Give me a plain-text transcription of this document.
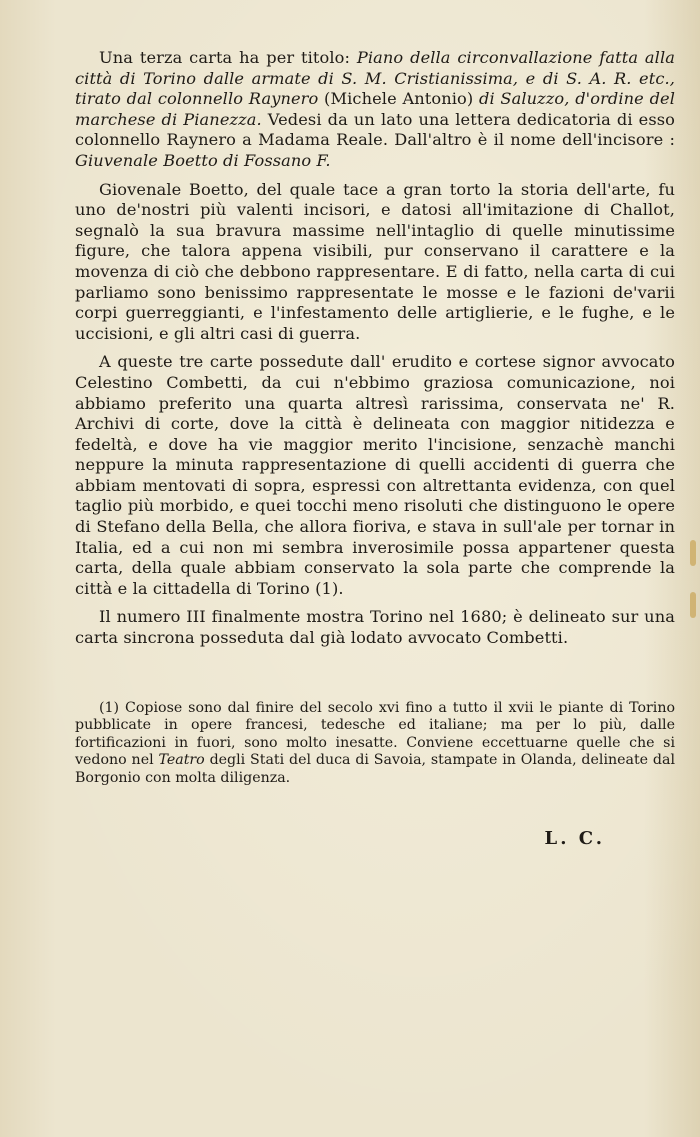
Una terza carta ha per titolo: Piano della circonvallazione fatta alla città di Torino dalle armate di S. M. Cristianissima, e di S. A. R. etc., tirato dal colonnello Raynero (Michele Antonio) di Saluzzo, d'ordine del marchese di Pianezza. Vedesi da un lato una lettera dedicatoria di esso colonnello Raynero a Madama Reale. Dall'altro è il nome dell'incisore : Giuvenale Boetto di Fossano F.

Giovenale Boetto, del quale tace a gran torto la storia dell'arte, fu uno de'nostri più valenti incisori, e datosi all'imitazione di Challot, segnalò la sua bravura massime nell'intaglio di quelle minutissime figure, che talora appena visibili, pur conservano il carattere e la movenza di ciò che debbono rappresentare. E di fatto, nella carta di cui parliamo sono benissimo rappresentate le mosse e le fazioni de'varii corpi guerreggianti, e l'infestamento delle artiglierie, e le fughe, e le uccisioni, e gli altri casi di guerra.

A queste tre carte possedute dall' erudito e cortese signor avvocato Celestino Combetti, da cui n'ebbimo graziosa comunicazione, noi abbiamo preferito una quarta altresì rarissima, conservata ne' R. Archivi di corte, dove la città è delineata con maggior nitidezza e fedeltà, e dove ha vie maggior merito l'incisione, senzachè manchi neppure la minuta rappresentazione di quelli accidenti di guerra che abbiam mentovati di sopra, espressi con altrettanta evidenza, con quel taglio più morbido, e quei tocchi meno risoluti che distinguono le opere di Stefano della Bella, che allora fioriva, e stava in sull'ale per tornar in Italia, ed a cui non mi sembra inverosimile possa appartener questa carta, della quale abbiam conservato la sola parte che comprende la città e la cittadella di Torino (1).

Il numero III finalmente mostra Torino nel 1680; è delineato sur una carta sincrona posseduta dal già lodato avvocato Combetti.

(1) Copiose sono dal finire del secolo xvi fino a tutto il xvii le piante di Torino pubblicate in opere francesi, tedesche ed italiane; ma per lo più, dalle fortificazioni in fuori, sono molto inesatte. Conviene eccettuarne quelle che si vedono nel Teatro degli Stati del duca di Savoia, stampate in Olanda, delineate dal Borgonio con molta diligenza.

L. C.
